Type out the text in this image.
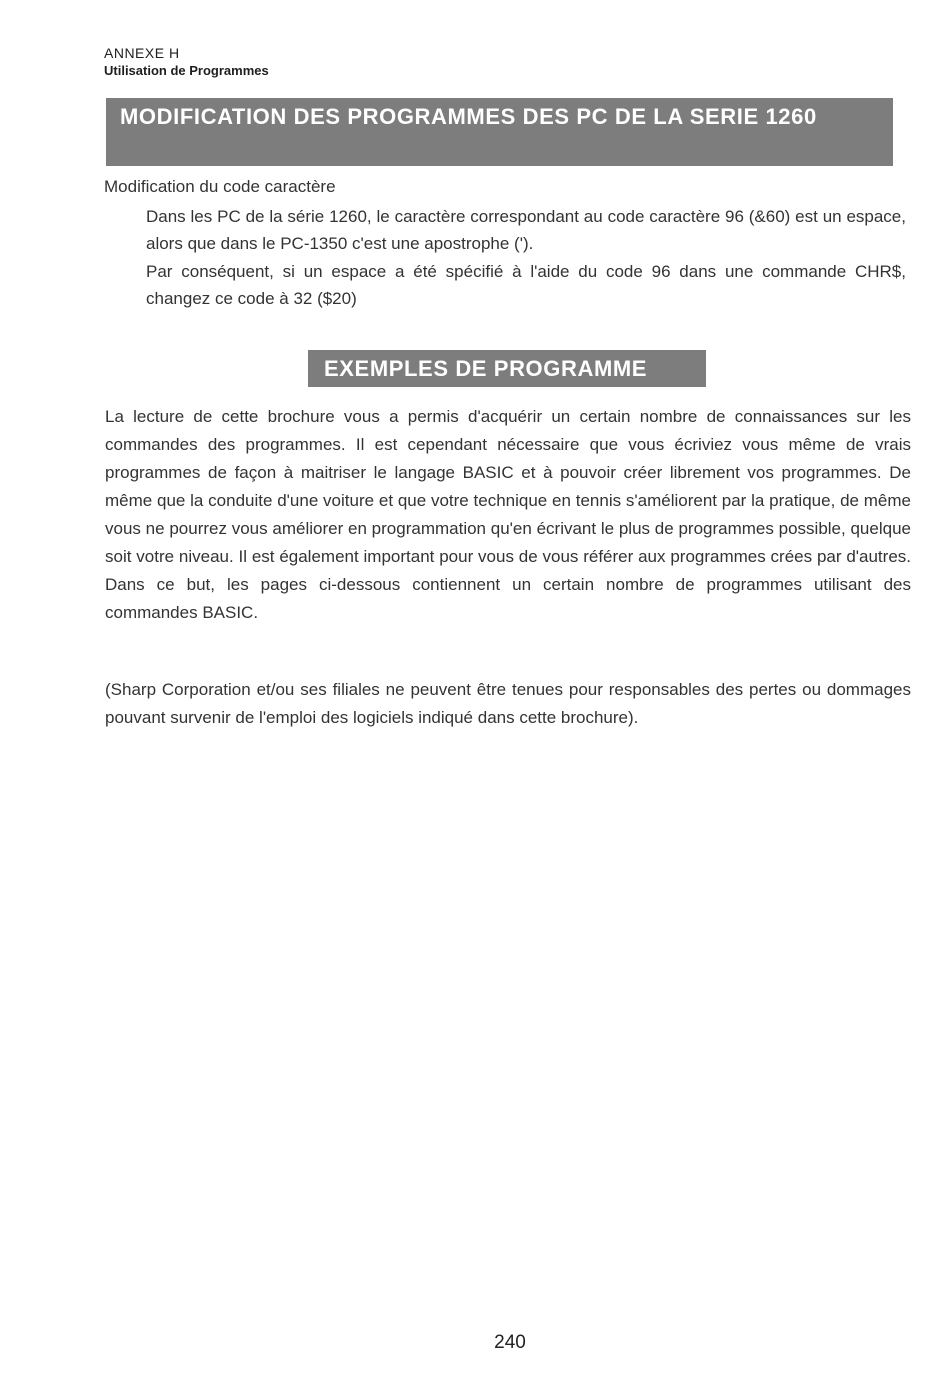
ANNEXE H
Utilisation de Programmes
MODIFICATION DES PROGRAMMES DES PC DE LA SERIE 1260
Modification du code caractère

Dans les PC de la série 1260, le caractère correspondant au code caractère 96 (&60) est un espace, alors que dans le PC-1350 c'est une apostrophe (').

Par conséquent, si un espace a été spécifié à l'aide du code 96 dans une commande CHR$, changez ce code à 32 ($20)

EXEMPLES DE PROGRAMME

La lecture de cette brochure vous a permis d'acquérir un certain nombre de connaissances sur les commandes des programmes. Il est cependant nécessaire que vous écriviez vous même de vrais programmes de façon à maitriser le langage BASIC et à pouvoir créer librement vos programmes. De même que la conduite d'une voiture et que votre technique en tennis s'améliorent par la pratique, de même vous ne pourrez vous améliorer en programmation qu'en écrivant le plus de programmes possible, quelque soit votre niveau. Il est également important pour vous de vous référer aux programmes crées par d'autres. Dans ce but, les pages ci-dessous contiennent un certain nombre de programmes utilisant des commandes BASIC.

(Sharp Corporation et/ou ses filiales ne peuvent être tenues pour responsables des pertes ou dommages pouvant survenir de l'emploi des logiciels indiqué dans cette brochure).

240
